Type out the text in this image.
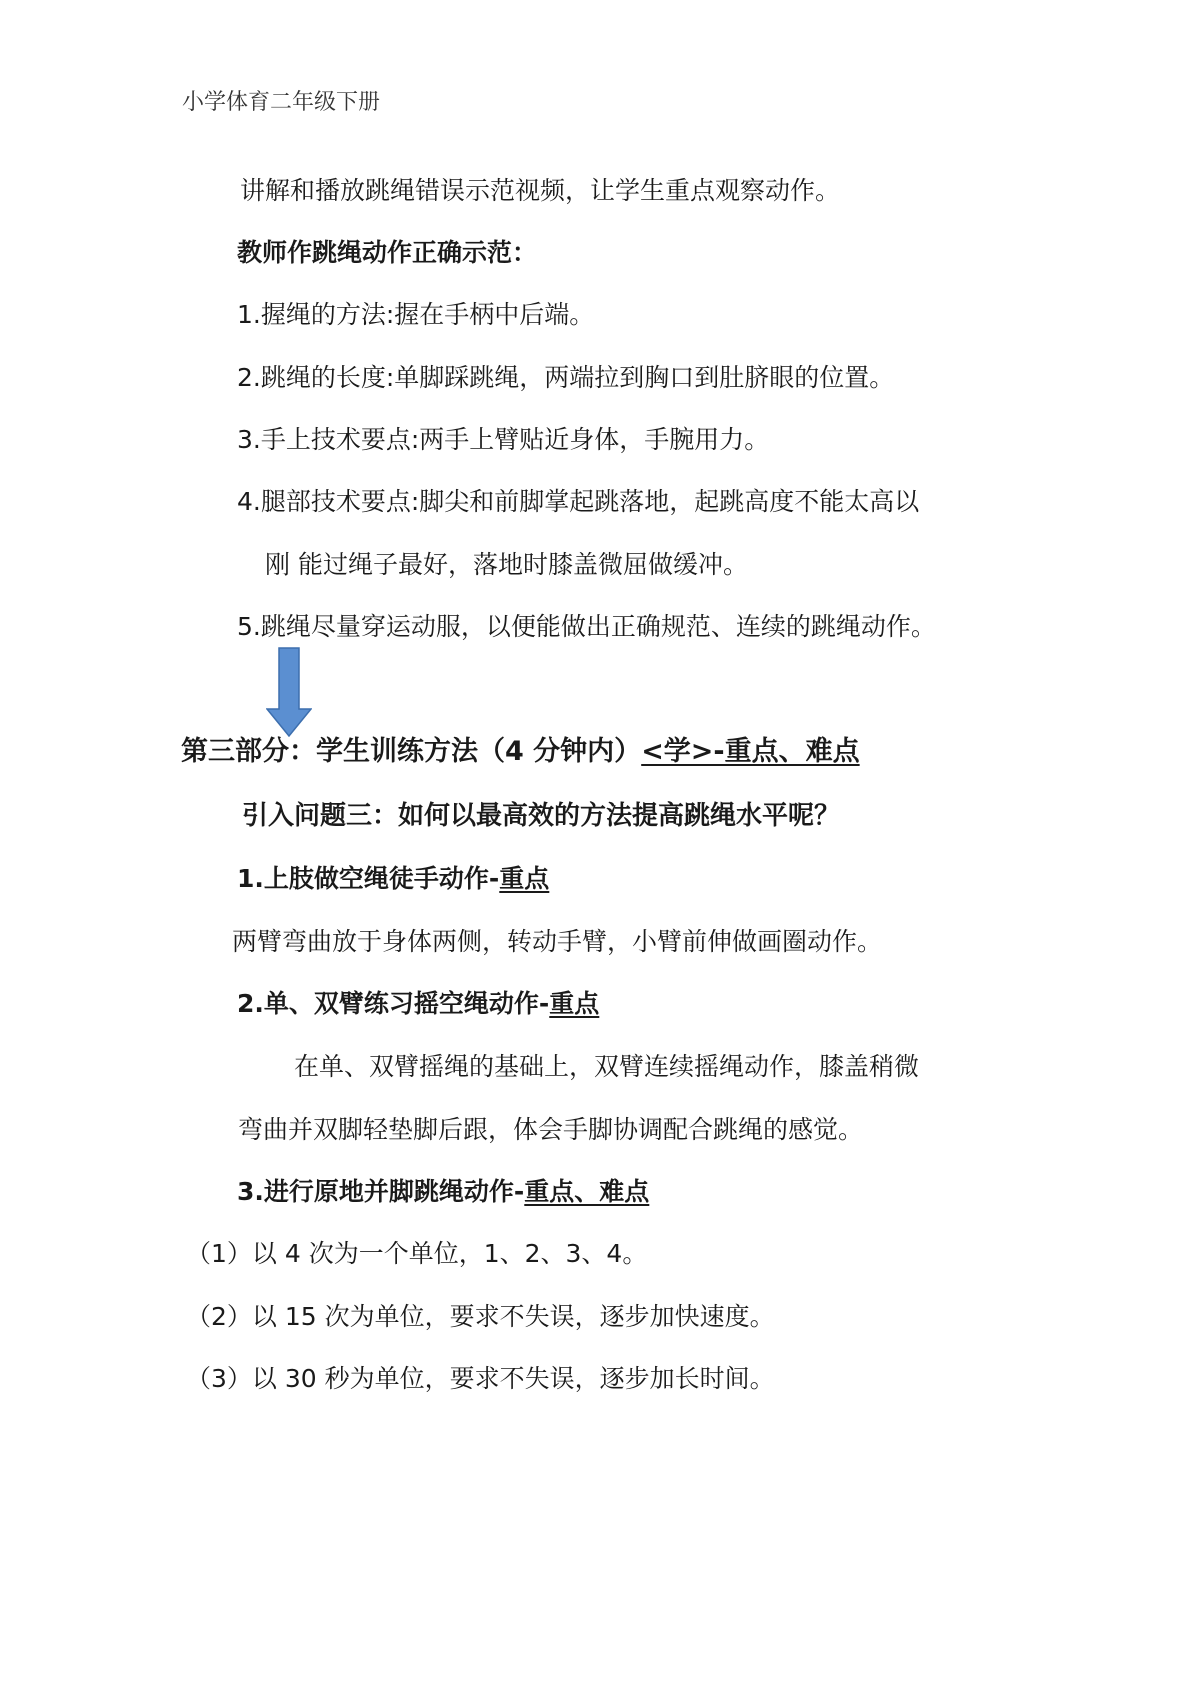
小学体育二年级下册
讲解和播放跳绳错误示范视频，让学生重点观察动作。
教师作跳绳动作正确示范：
1.握绳的方法:握在手柄中后端。
2.跳绳的长度:单脚踩跳绳，两端拉到胸口到肚脐眼的位置。
3.手上技术要点:两手上臂贴近身体，手腕用力。
4.腿部技术要点:脚尖和前脚掌起跳落地，起跳高度不能太高以
刚 能过绳子最好，落地时膝盖微屈做缓冲。
5.跳绳尽量穿运动服，以便能做出正确规范、连续的跳绳动作。
第三部分：学生训练方法（4 分钟内）<学>-重点、难点
引入问题三：如何以最高效的方法提高跳绳水平呢？
1.上肢做空绳徒手动作-重点
两臂弯曲放于身体两侧，转动手臂，小臂前伸做画圈动作。
2.单、双臂练习摇空绳动作-重点
在单、双臂摇绳的基础上，双臂连续摇绳动作，膝盖稍微
弯曲并双脚轻垫脚后跟，体会手脚协调配合跳绳的感觉。
3.进行原地并脚跳绳动作-重点、难点
（1）以 4 次为一个单位，1、2、3、4。
（2）以 15 次为单位，要求不失误，逐步加快速度。
（3）以 30 秒为单位，要求不失误，逐步加长时间。
